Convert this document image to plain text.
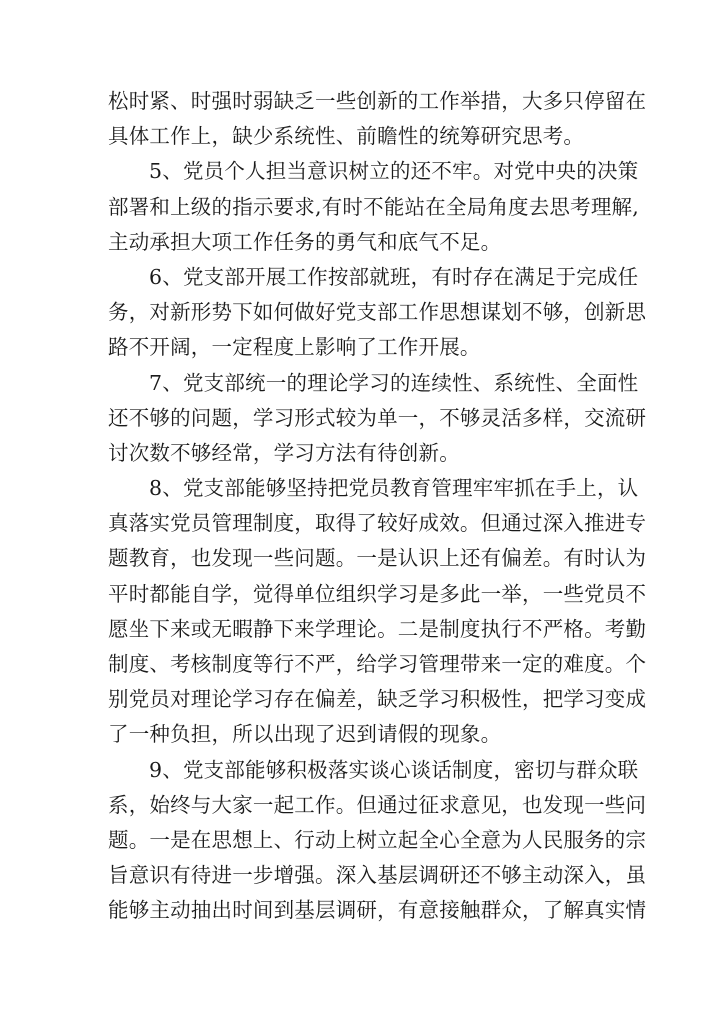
松时紧、时强时弱缺乏一些创新的工作举措，大多只停留在
具体工作上，缺少系统性、前瞻性的统筹研究思考。
5、党员个人担当意识树立的还不牢。对党中央的决策
部署和上级的指示要求,有时不能站在全局角度去思考理解,
主动承担大项工作任务的勇气和底气不足。
6、党支部开展工作按部就班，有时存在满足于完成任
务，对新形势下如何做好党支部工作思想谋划不够，创新思
路不开阔，一定程度上影响了工作开展。
7、党支部统一的理论学习的连续性、系统性、全面性
还不够的问题，学习形式较为单一，不够灵活多样，交流研
讨次数不够经常，学习方法有待创新。
8、党支部能够坚持把党员教育管理牢牢抓在手上，认
真落实党员管理制度，取得了较好成效。但通过深入推进专
题教育，也发现一些问题。一是认识上还有偏差。有时认为
平时都能自学，觉得单位组织学习是多此一举，一些党员不
愿坐下来或无暇静下来学理论。二是制度执行不严格。考勤
制度、考核制度等行不严，给学习管理带来一定的难度。个
别党员对理论学习存在偏差，缺乏学习积极性，把学习变成
了一种负担，所以出现了迟到请假的现象。
9、党支部能够积极落实谈心谈话制度，密切与群众联
系，始终与大家一起工作。但通过征求意见，也发现一些问
题。一是在思想上、行动上树立起全心全意为人民服务的宗
旨意识有待进一步增强。深入基层调研还不够主动深入，虽
能够主动抽出时间到基层调研，有意接触群众，了解真实情
